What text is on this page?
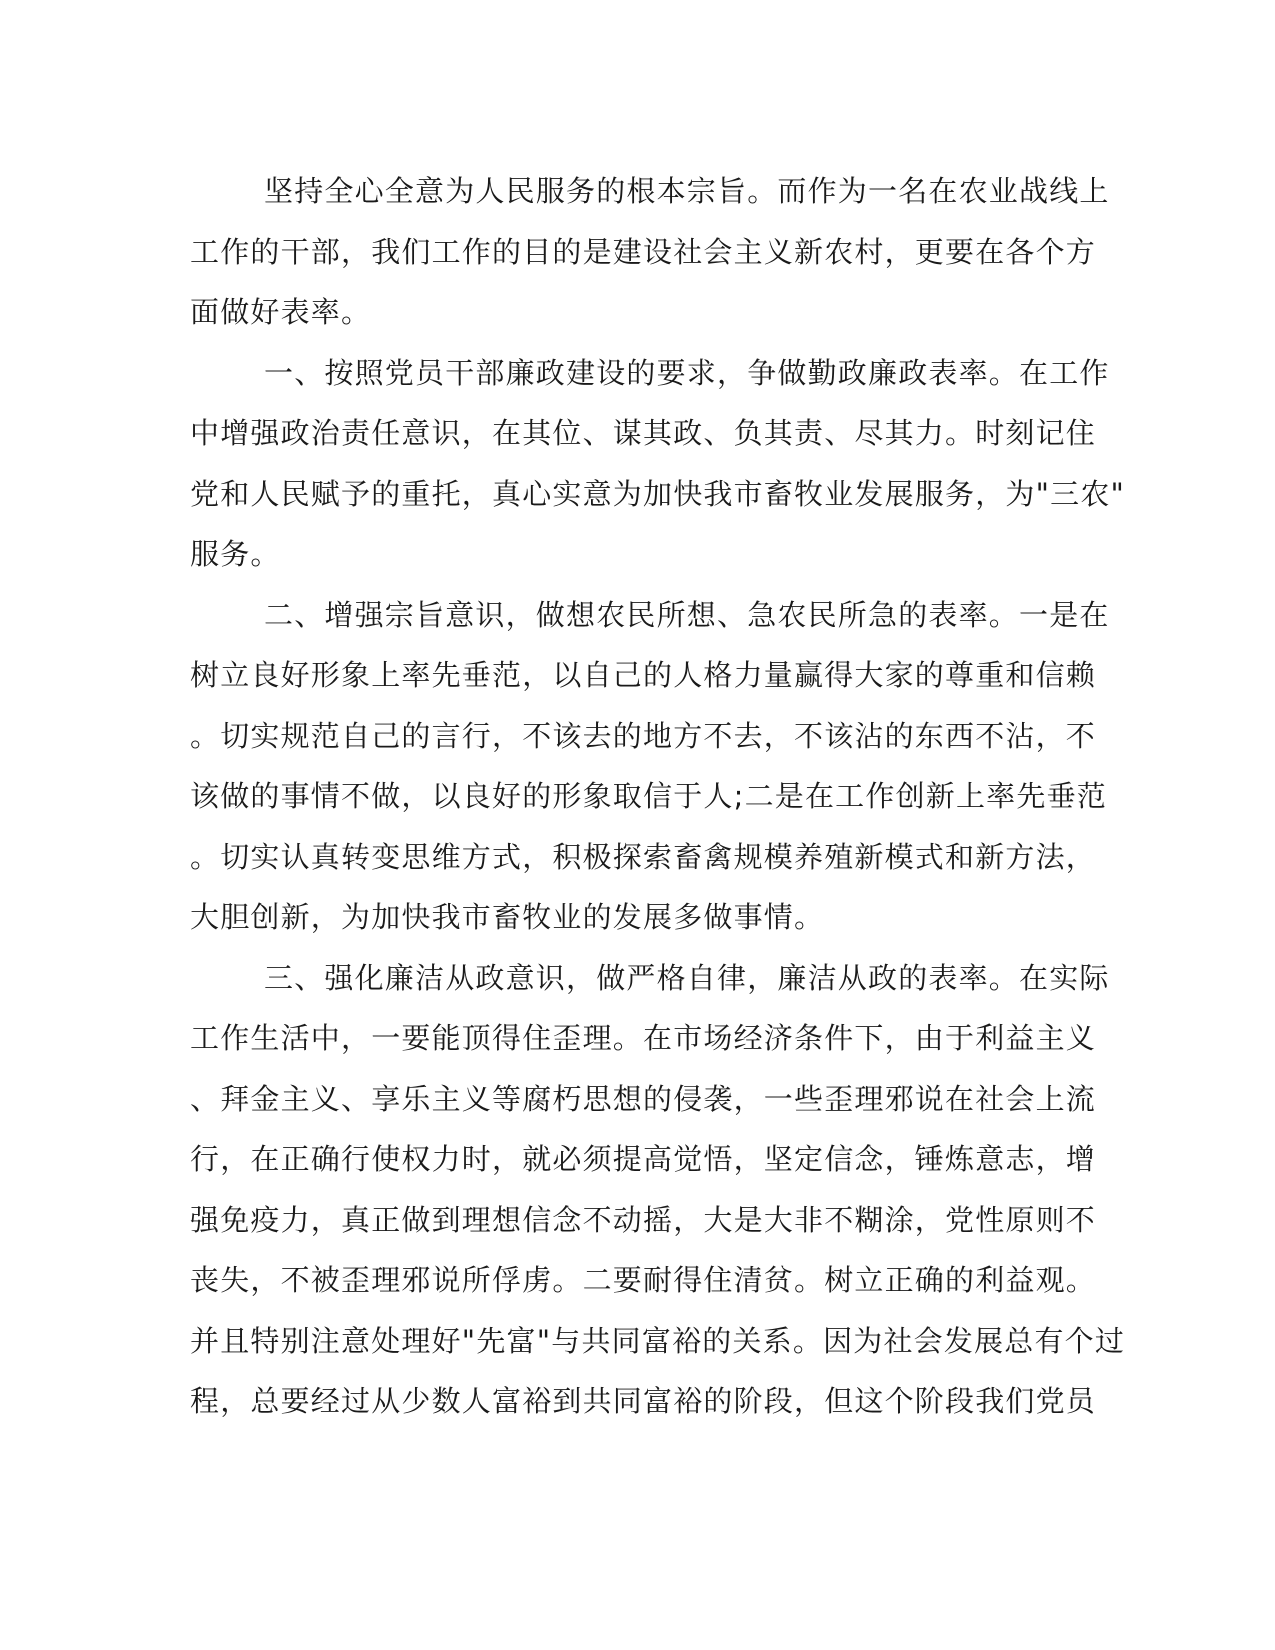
坚持全心全意为人民服务的根本宗旨。而作为一名在农业战线上
工作的干部，我们工作的目的是建设社会主义新农村，更要在各个方
面做好表率。
一、按照党员干部廉政建设的要求，争做勤政廉政表率。在工作
中增强政治责任意识，在其位、谋其政、负其责、尽其力。时刻记住
党和人民赋予的重托，真心实意为加快我市畜牧业发展服务，为"三农"
服务。
二、增强宗旨意识，做想农民所想、急农民所急的表率。一是在
树立良好形象上率先垂范，以自己的人格力量赢得大家的尊重和信赖
。切实规范自己的言行，不该去的地方不去，不该沾的东西不沾，不
该做的事情不做，以良好的形象取信于人;二是在工作创新上率先垂范
。切实认真转变思维方式，积极探索畜禽规模养殖新模式和新方法，
大胆创新，为加快我市畜牧业的发展多做事情。
三、强化廉洁从政意识，做严格自律，廉洁从政的表率。在实际
工作生活中，一要能顶得住歪理。在市场经济条件下，由于利益主义
、拜金主义、享乐主义等腐朽思想的侵袭，一些歪理邪说在社会上流
行，在正确行使权力时，就必须提高觉悟，坚定信念，锤炼意志，增
强免疫力，真正做到理想信念不动摇，大是大非不糊涂，党性原则不
丧失，不被歪理邪说所俘虏。二要耐得住清贫。树立正确的利益观。
并且特别注意处理好"先富"与共同富裕的关系。因为社会发展总有个过
程，总要经过从少数人富裕到共同富裕的阶段，但这个阶段我们党员
